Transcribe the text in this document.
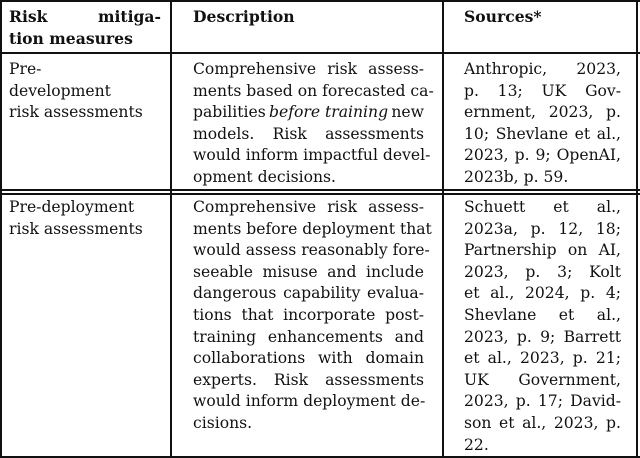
Risk mitiga-
tion measures
Description	Sources*
Pre-
development
risk assessments
Comprehensive risk assess-
ments based on forecasted ca-
pabilities before training new
models. Risk assessments
would inform impactful devel-
opment decisions.
Anthropic, 2023,
p. 13; UK Gov-
ernment, 2023, p.
10; Shevlane et al.,
2023, p. 9; OpenAI,
2023b, p. 59.
Pre-deployment
risk assessments
Comprehensive risk assess-
ments before deployment that
would assess reasonably fore-
seeable misuse and include
dangerous capability evalua-
tions that incorporate post-
training enhancements and
collaborations with domain
experts. Risk assessments
would inform deployment de-
cisions.
Schuett et al.,
2023a, p. 12, 18;
Partnership on AI,
2023, p. 3; Kolt
et al., 2024, p. 4;
Shevlane et al.,
2023, p. 9; Barrett
et al., 2023, p. 21;
UK Government,
2023, p. 17; David-
son et al., 2023, p.
22.
